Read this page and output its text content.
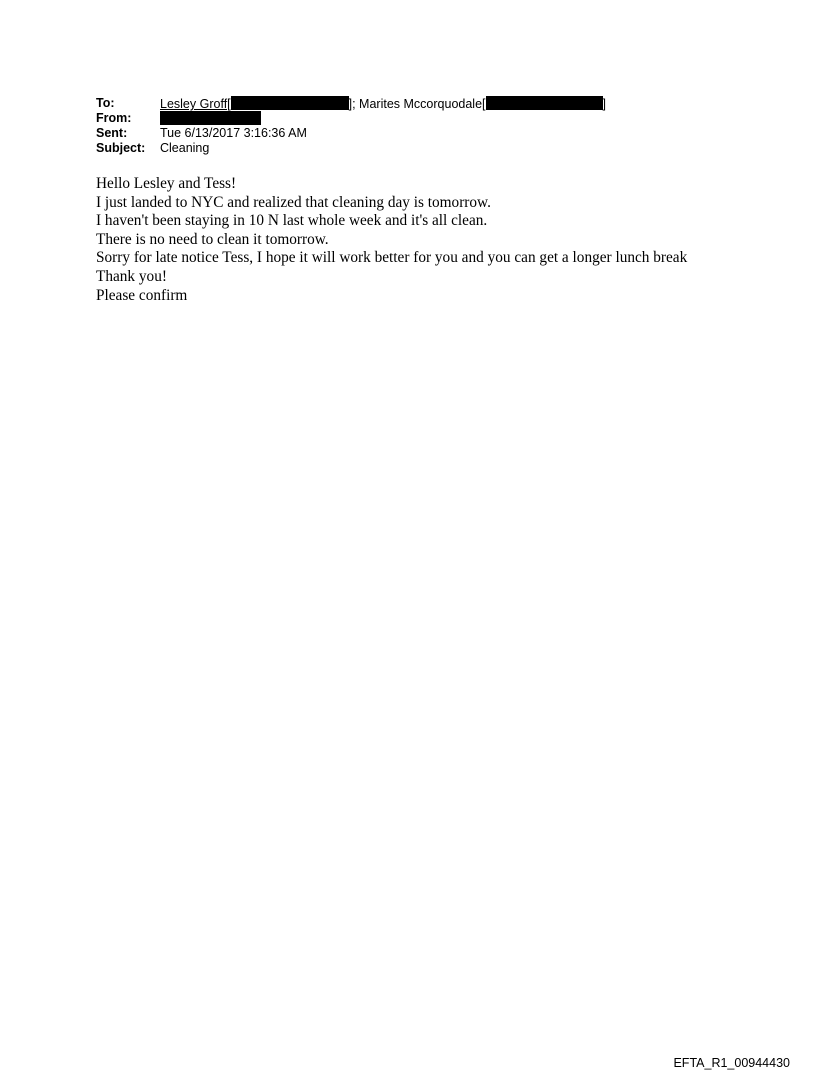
To:	Lesley Groff[	]; Marites Mccorquodale[	]
From:
Sent:	Tue 6/13/2017 3:16:36 AM
Subject: Cleaning

Hello Lesley and Tess!

I just landed to NYC and realized that cleaning day is tomorrow.

I haven't been staying in 10 N last whole week and it's all clean.

There is no need to clean it tomorrow.

Sorry for late notice Tess, I hope it will work better for you and you can get a longer lunch break

Thank you!

Please confirm

EFTA_R1_00944430
